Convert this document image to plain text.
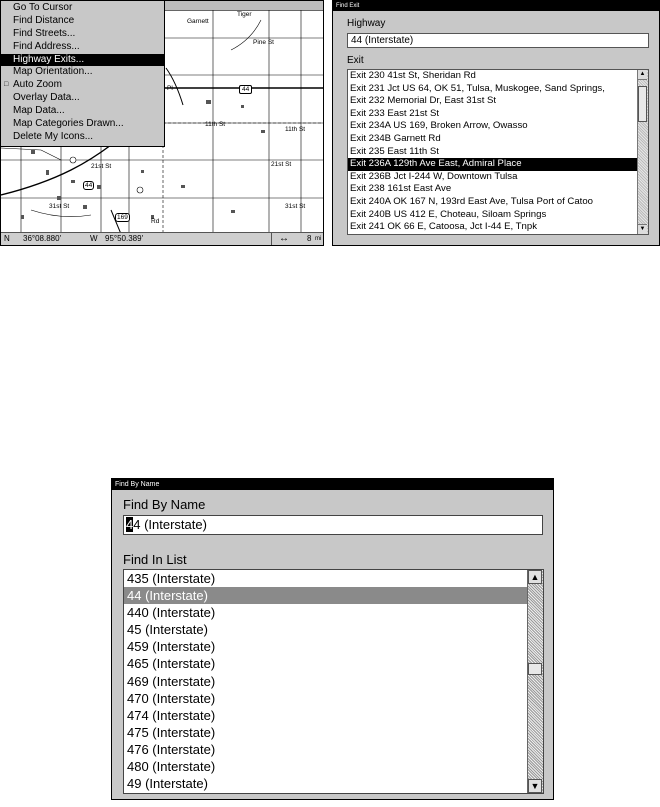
Garnett
Tiger
Pine St
Pl	44
11th St
11th St
21st St	21st St
31st St	31st St
169
44
Rd
N 36°08.880'	W 95°50.389'	↔ 8 mi
Go To Cursor
Find Distance
Find Streets...
Find Address...
Highway Exits...
Map Orientation...
□ Auto Zoom
Overlay Data...
Map Data...
Map Categories Drawn...
Delete My Icons...
Find Exit
Highway
44 (Interstate)
Exit
Exit 230 41st St, Sheridan Rd
Exit 231 Jct US 64, OK 51, Tulsa, Muskogee, Sand Springs,
Exit 232 Memorial Dr, East 31st St
Exit 233 East 21st St
Exit 234A US 169, Broken Arrow, Owasso
Exit 234B Garnett Rd
Exit 235 East 11th St
Exit 236A 129th Ave East, Admiral Place
Exit 236B Jct I-244 W, Downtown Tulsa
Exit 238 161st East Ave
Exit 240A OK 167 N, 193rd East Ave, Tulsa Port of Catoo
Exit 240B US 412 E, Choteau, Siloam Springs
Exit 241 OK 66 E, Catoosa, Jct I-44 E, Tnpk
▲
▼
Find By Name
Find By Name
44 (Interstate)
Find In List
435 (Interstate)
44 (Interstate)
440 (Interstate)
45 (Interstate)
459 (Interstate)
465 (Interstate)
469 (Interstate)
470 (Interstate)
474 (Interstate)
475 (Interstate)
476 (Interstate)
480 (Interstate)
49 (Interstate)
▲
▼
